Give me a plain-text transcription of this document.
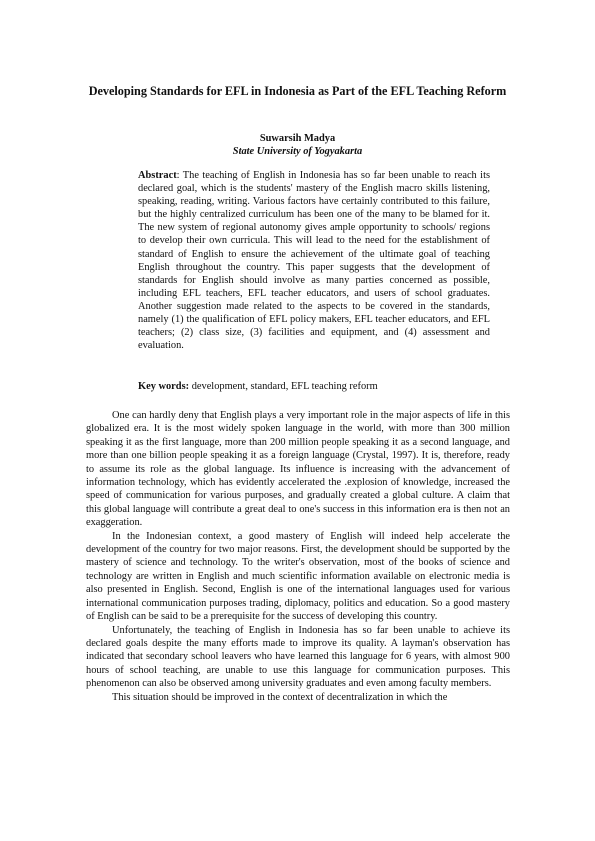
Developing Standards for EFL in Indonesia as Part of the EFL Teaching Reform
Suwarsih Madya
State University of Yogyakarta
Abstract: The teaching of English in Indonesia has so far been unable to reach its declared goal, which is the students' mastery of the English macro skills listening, speaking, reading, writing. Various factors have certainly contributed to this failure, but the highly centralized curriculum has been one of the many to be blamed for it. The new system of regional autonomy gives ample opportunity to schools/ regions to develop their own curricula. This will lead to the need for the establishment of standard of English to ensure the achievement of the ultimate goal of teaching English throughout the country. This paper suggests that the development of standards for English should involve as many parties concerned as possible, including EFL teachers, EFL teacher educators, and users of school graduates. Another suggestion made related to the aspects to be covered in the standards, namely (1) the qualification of EFL policy makers, EFL teacher educators, and EFL teachers; (2) class size, (3) facilities and equipment, and (4) assessment and evaluation.
Key words: development, standard, EFL teaching reform

One can hardly deny that English plays a very important role in the major aspects of life in this globalized era. It is the most widely spoken language in the world, with more than 300 million speaking it as the first language, more than 200 million people speaking it as a second language, and more than one billion people speaking it as a foreign language (Crystal, 1997). It is, therefore, ready to assume its role as the global language. Its influence is increasing with the advancement of information technology, which has evidently accelerated the .explosion of knowledge, increased the speed of communication for various purposes, and gradually created a global culture. A claim that this global language will contribute a great deal to one's success in this information era is then not an exaggeration.

In the Indonesian context, a good mastery of English will indeed help accelerate the development of the country for two major reasons. First, the development should be supported by the mastery of science and technology. To the writer's observation, most of the books of science and technology are written in English and much scientific information available on electronic media is also presented in English. Second, English is one of the international languages used for various international communication purposes trading, diplomacy, politics and education. So a good mastery of English can be said to be a prerequisite for the success of developing this country.

Unfortunately, the teaching of English in Indonesia has so far been unable to achieve its declared goals despite the many efforts made to improve its quality. A layman's observation has indicated that secondary school leavers who have learned this language for 6 years, with almost 900 hours of school teaching, are unable to use this language for communication purposes. This phenomenon can also be observed among university graduates and even among faculty members.

This situation should be improved in the context of decentralization in which the
